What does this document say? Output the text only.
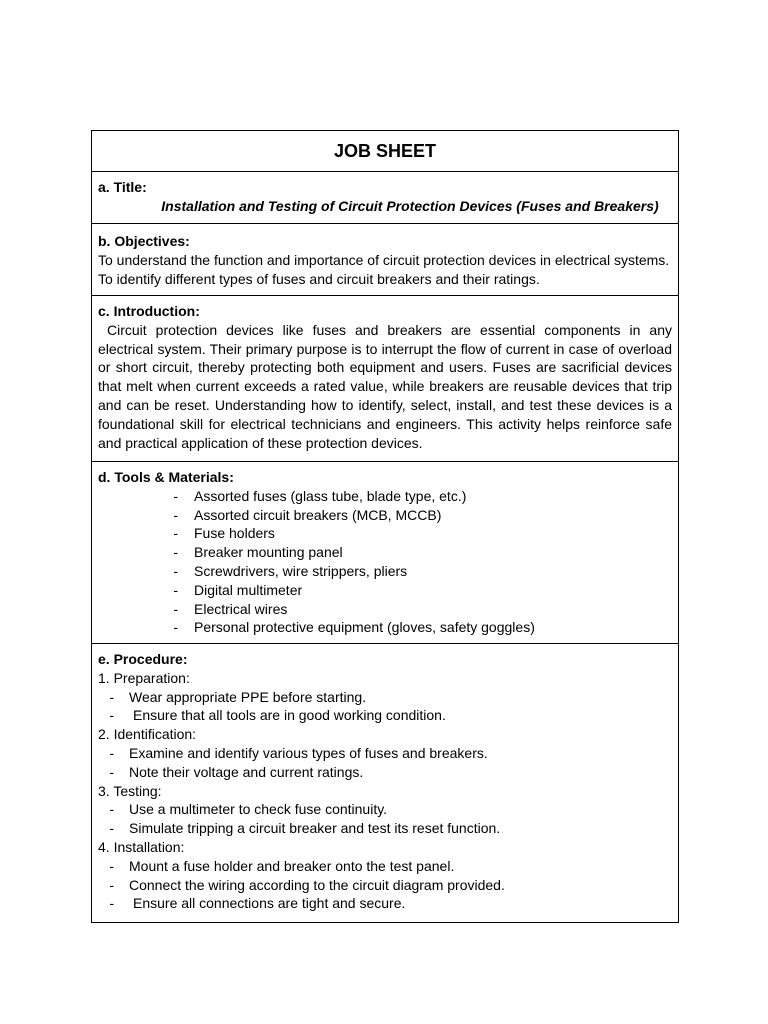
JOB SHEET
a. Title:
Installation and Testing of Circuit Protection Devices (Fuses and Breakers)
b. Objectives:
To understand the function and importance of circuit protection devices in electrical systems.
To identify different types of fuses and circuit breakers and their ratings.
c. Introduction:
Circuit protection devices like fuses and breakers are essential components in any electrical system. Their primary purpose is to interrupt the flow of current in case of overload or short circuit, thereby protecting both equipment and users. Fuses are sacrificial devices that melt when current exceeds a rated value, while breakers are reusable devices that trip and can be reset. Understanding how to identify, select, install, and test these devices is a foundational skill for electrical technicians and engineers. This activity helps reinforce safe and practical application of these protection devices.
d. Tools & Materials:
-	Assorted fuses (glass tube, blade type, etc.)
-	Assorted circuit breakers (MCB, MCCB)
-	Fuse holders
-	Breaker mounting panel
-	Screwdrivers, wire strippers, pliers
-	Digital multimeter
-	Electrical wires
-	Personal protective equipment (gloves, safety goggles)
e. Procedure:
1. Preparation:
-	Wear appropriate PPE before starting.
-	Ensure that all tools are in good working condition.
2. Identification:
-	Examine and identify various types of fuses and breakers.
-	Note their voltage and current ratings.
3. Testing:
-	Use a multimeter to check fuse continuity.
-	Simulate tripping a circuit breaker and test its reset function.
4. Installation:
-	Mount a fuse holder and breaker onto the test panel.
-	Connect the wiring according to the circuit diagram provided.
-	Ensure all connections are tight and secure.
